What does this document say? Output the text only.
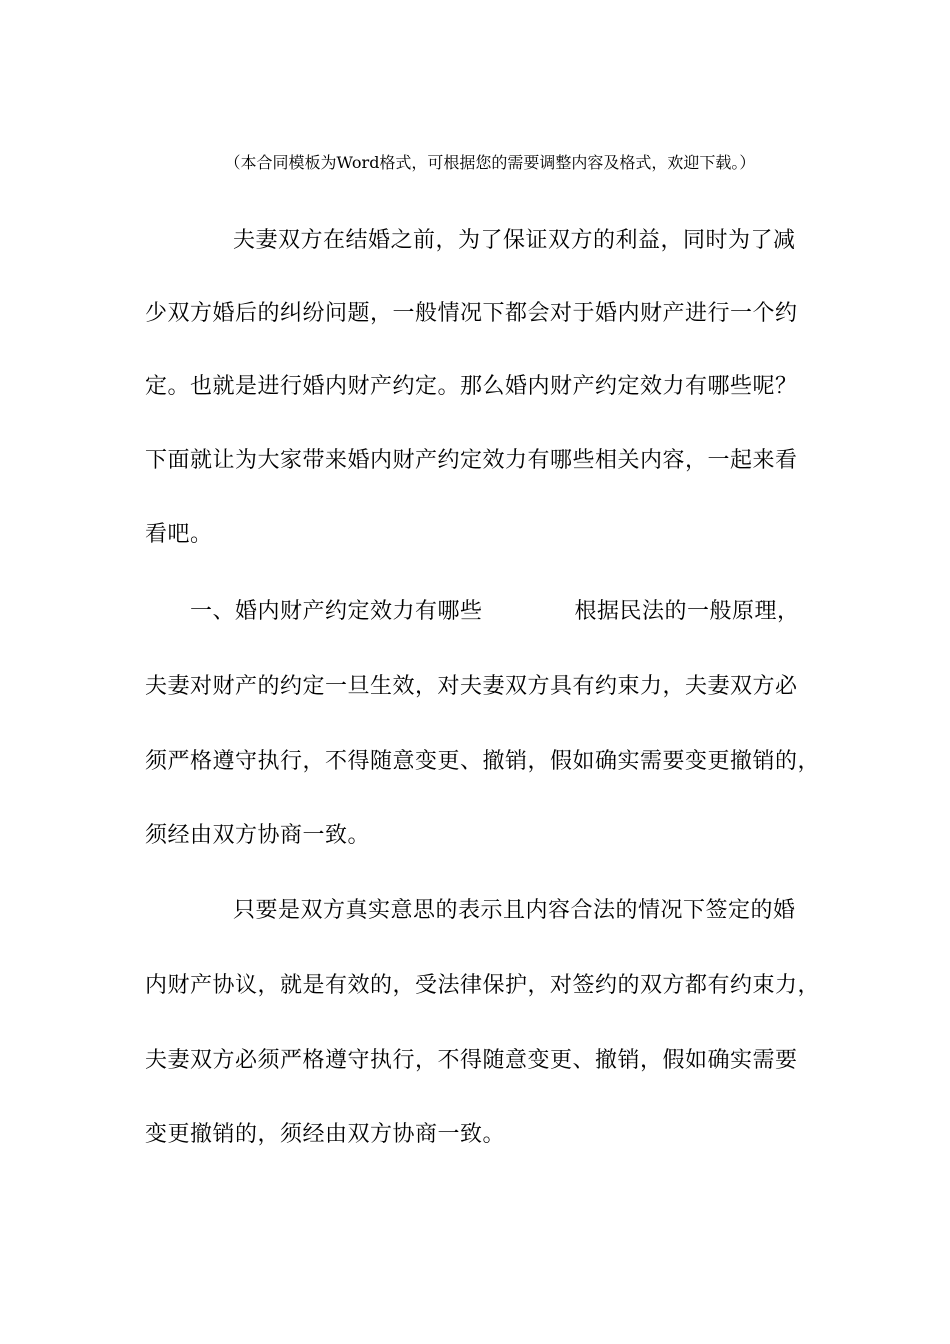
（本合同模板为Word格式，可根据您的需要调整内容及格式，欢迎下载。）
夫妻双方在结婚之前，为了保证双方的利益，同时为了减
少双方婚后的纠纷问题，一般情况下都会对于婚内财产进行一个约
定。也就是进行婚内财产约定。那么婚内财产约定效力有哪些呢？
下面就让为大家带来婚内财产约定效力有哪些相关内容，一起来看
看吧。
一、婚内财产约定效力有哪些	根据民法的一般原理，
夫妻对财产的约定一旦生效，对夫妻双方具有约束力，夫妻双方必
须严格遵守执行，不得随意变更、撤销，假如确实需要变更撤销的，
须经由双方协商一致。
只要是双方真实意思的表示且内容合法的情况下签定的婚
内财产协议，就是有效的，受法律保护，对签约的双方都有约束力，
夫妻双方必须严格遵守执行，不得随意变更、撤销，假如确实需要
变更撤销的，须经由双方协商一致。
